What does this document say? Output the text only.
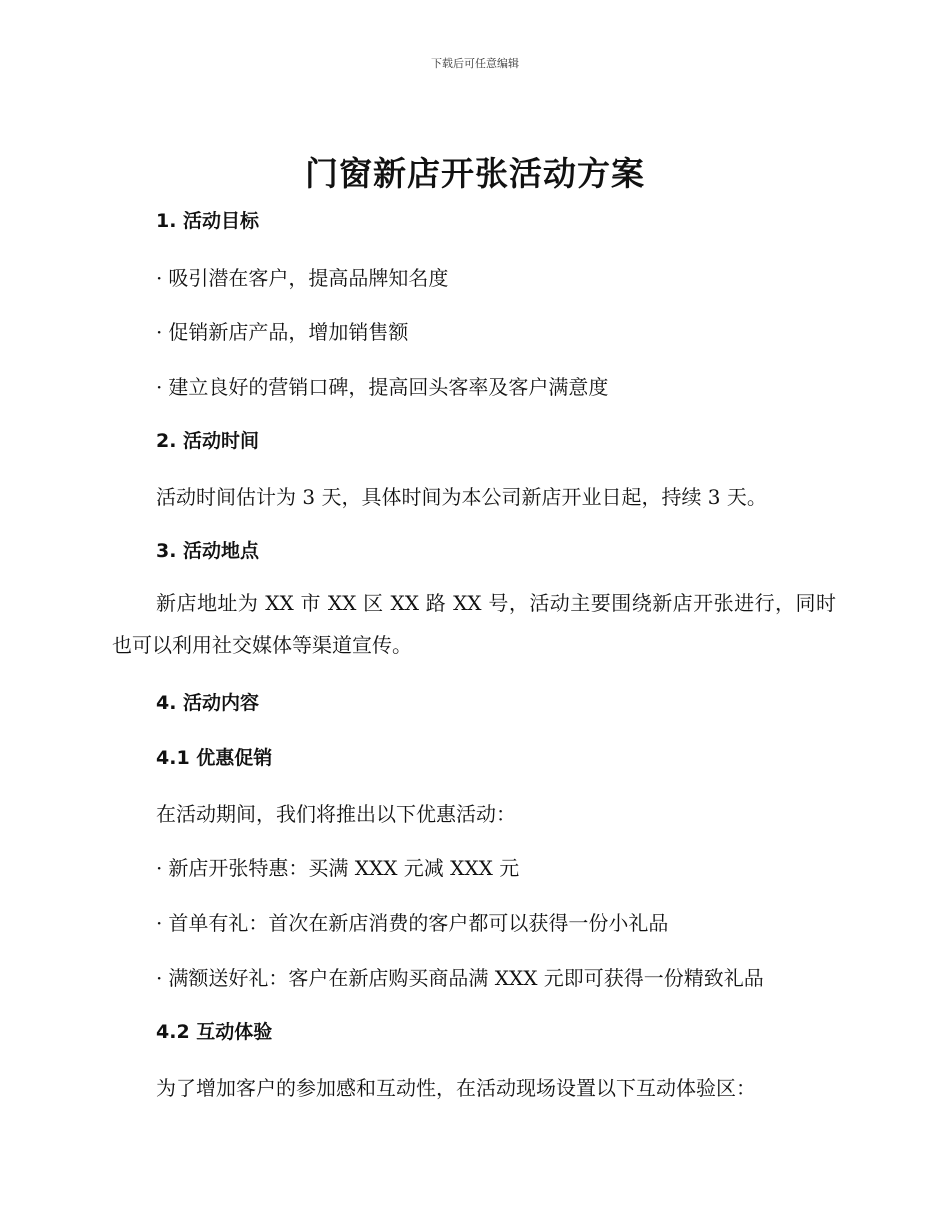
下载后可任意编辑
门窗新店开张活动方案
1. 活动目标
· 吸引潜在客户，提高品牌知名度
· 促销新店产品，增加销售额
· 建立良好的营销口碑，提高回头客率及客户满意度
2. 活动时间
活动时间估计为 3 天，具体时间为本公司新店开业日起，持续 3 天。
3. 活动地点

新店地址为 XX 市 XX 区 XX 路 XX 号，活动主要围绕新店开张进行，同时也可以利用社交媒体等渠道宣传。

4. 活动内容
4.1 优惠促销
在活动期间，我们将推出以下优惠活动：
· 新店开张特惠：买满 XXX 元减 XXX 元
· 首单有礼：首次在新店消费的客户都可以获得一份小礼品
· 满额送好礼：客户在新店购买商品满 XXX 元即可获得一份精致礼品
4.2 互动体验
为了增加客户的参加感和互动性，在活动现场设置以下互动体验区：
